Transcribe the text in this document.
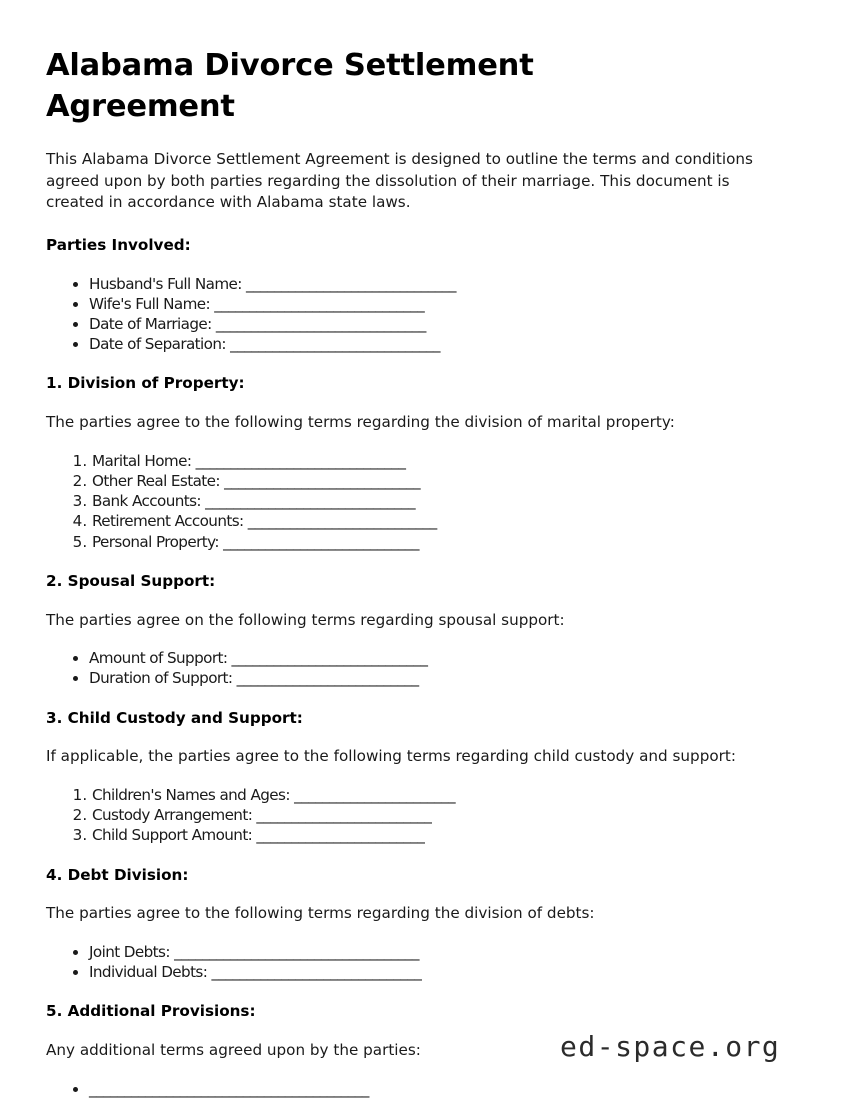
Alabama Divorce Settlement Agreement

This Alabama Divorce Settlement Agreement is designed to outline the terms and conditions agreed upon by both parties regarding the dissolution of their marriage. This document is created in accordance with Alabama state laws.

Parties Involved:
• Husband's Full Name: ______________________________
• Wife's Full Name: ______________________________
• Date of Marriage: ______________________________
• Date of Separation: ______________________________
1. Division of Property:

The parties agree to the following terms regarding the division of marital property:

1. Marital Home: ______________________________
2. Other Real Estate: ____________________________
3. Bank Accounts: ______________________________
4. Retirement Accounts: ___________________________
5. Personal Property: ____________________________
2. Spousal Support:

The parties agree on the following terms regarding spousal support:

• Amount of Support: ____________________________
• Duration of Support: __________________________
3. Child Custody and Support:

If applicable, the parties agree to the following terms regarding child custody and support:

1. Children's Names and Ages: _______________________
2. Custody Arrangement: _________________________
3. Child Support Amount: ________________________
4. Debt Division:

The parties agree to the following terms regarding the division of debts:

• Joint Debts: ___________________________________
• Individual Debts: ______________________________
5. Additional Provisions:

Any additional terms agreed upon by the parties:

• ________________________________________
ed-space.org
